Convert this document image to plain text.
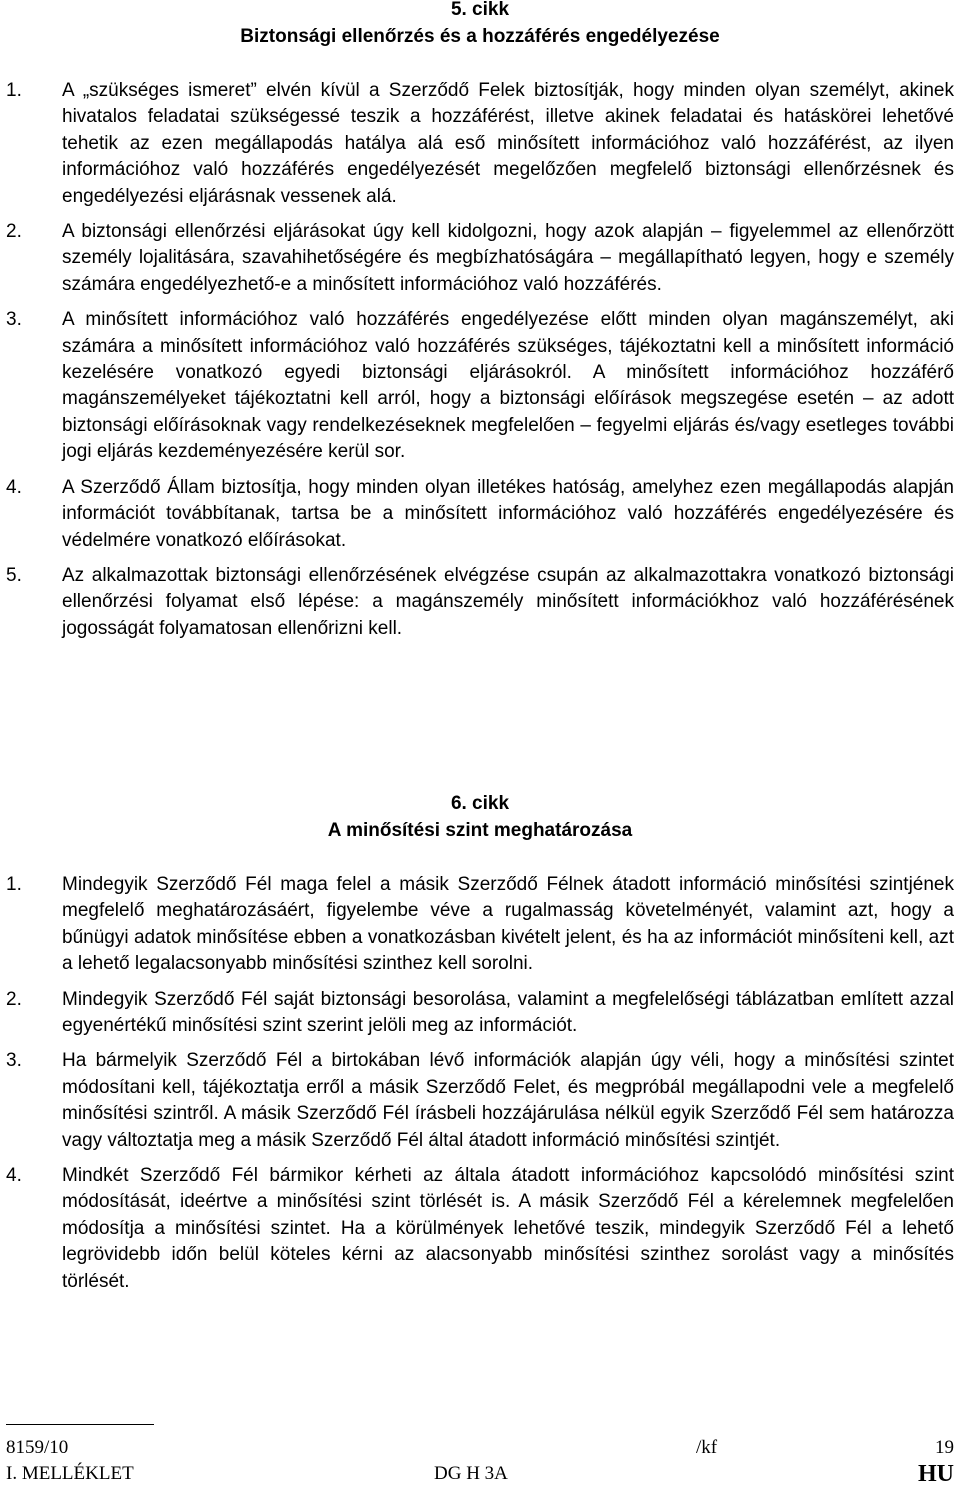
5. cikk
Biztonsági ellenőrzés és a hozzáférés engedélyezése

1. A „szükséges ismeret” elvén kívül a Szerződő Felek biztosítják, hogy minden olyan személyt, akinek hivatalos feladatai szükségessé teszik a hozzáférést, illetve akinek feladatai és hatáskörei lehetővé tehetik az ezen megállapodás hatálya alá eső minősített információhoz való hozzáférést, az ilyen információhoz való hozzáférés engedélyezését megelőzően megfelelő biztonsági ellenőrzésnek és engedélyezési eljárásnak vessenek alá.

2. A biztonsági ellenőrzési eljárásokat úgy kell kidolgozni, hogy azok alapján – figyelemmel az ellenőrzött személy lojalitására, szavahihetőségére és megbízhatóságára – megállapítható legyen, hogy e személy számára engedélyezhető-e a minősített információhoz való hozzáférés.

3. A minősített információhoz való hozzáférés engedélyezése előtt minden olyan magánszemélyt, aki számára a minősített információhoz való hozzáférés szükséges, tájékoztatni kell a minősített információ kezelésére vonatkozó egyedi biztonsági eljárásokról. A minősített információhoz hozzáférő magánszemélyeket tájékoztatni kell arról, hogy a biztonsági előírások megszegése esetén – az adott biztonsági előírásoknak vagy rendelkezéseknek megfelelően – fegyelmi eljárás és/vagy esetleges további jogi eljárás kezdeményezésére kerül sor.

4. A Szerződő Állam biztosítja, hogy minden olyan illetékes hatóság, amelyhez ezen megállapodás alapján információt továbbítanak, tartsa be a minősített információhoz való hozzáférés engedélyezésére és védelmére vonatkozó előírásokat.

5. Az alkalmazottak biztonsági ellenőrzésének elvégzése csupán az alkalmazottakra vonatkozó biztonsági ellenőrzési folyamat első lépése: a magánszemély minősített információkhoz való hozzáférésének jogosságát folyamatosan ellenőrizni kell.

6. cikk
A minősítési szint meghatározása

1. Mindegyik Szerződő Fél maga felel a másik Szerződő Félnek átadott információ minősítési szintjének megfelelő meghatározásáért, figyelembe véve a rugalmasság követelményét, valamint azt, hogy a bűnügyi adatok minősítése ebben a vonatkozásban kivételt jelent, és ha az információt minősíteni kell, azt a lehető legalacsonyabb minősítési szinthez kell sorolni.

2. Mindegyik Szerződő Fél saját biztonsági besorolása, valamint a megfelelőségi táblázatban említett azzal egyenértékű minősítési szint szerint jelöli meg az információt.

3. Ha bármelyik Szerződő Fél a birtokában lévő információk alapján úgy véli, hogy a minősítési szintet módosítani kell, tájékoztatja erről a másik Szerződő Felet, és megpróbál megállapodni vele a megfelelő minősítési szintről. A másik Szerződő Fél írásbeli hozzájárulása nélkül egyik Szerződő Fél sem határozza vagy változtatja meg a másik Szerződő Fél által átadott információ minősítési szintjét.

4. Mindkét Szerződő Fél bármikor kérheti az általa átadott információhoz kapcsolódó minősítési szint módosítását, ideértve a minősítési szint törlését is. A másik Szerződő Fél a kérelemnek megfelelően módosítja a minősítési szintet. Ha a körülmények lehetővé teszik, mindegyik Szerződő Fél a lehető legrövidebb időn belül köteles kérni az alacsonyabb minősítési szinthez sorolást vagy a minősítés törlését.

8159/10	/kf	19
I. MELLÉKLET	DG H 3A	HU
